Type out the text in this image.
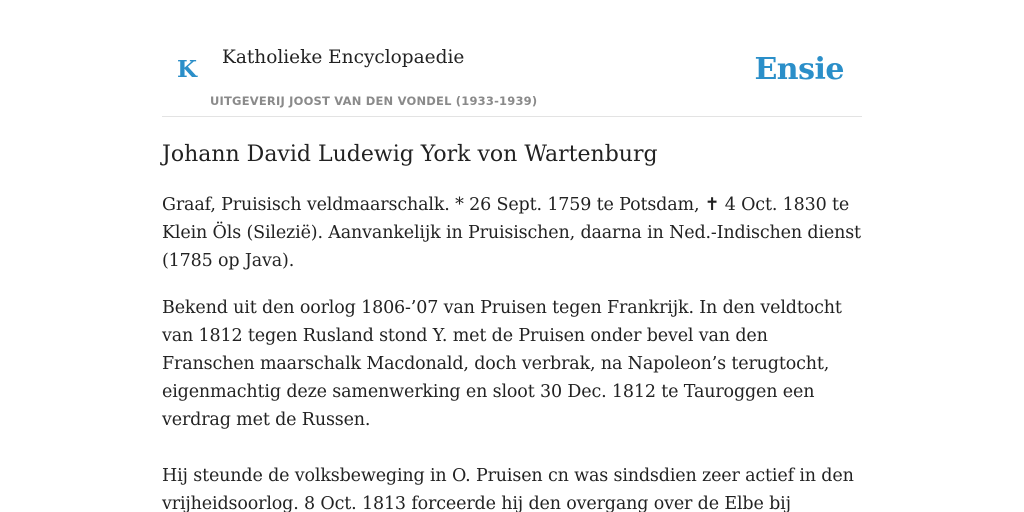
K Katholieke Encyclopaedie
UITGEVERIJ JOOST VAN DEN VONDEL (1933-1939)
Ensie
Johann David Ludewig York von Wartenburg

Graaf, Pruisisch veldmaarschalk. * 26 Sept. 1759 te Potsdam, ✝ 4 Oct. 1830 te Klein Öls (Silezië). Aanvankelijk in Pruisischen, daarna in Ned.-Indischen dienst (1785 op Java).

Bekend uit den oorlog 1806-’07 van Pruisen tegen Frankrijk. In den veldtocht van 1812 tegen Rusland stond Y. met de Pruisen onder bevel van den Franschen maarschalk Macdonald, doch verbrak, na Napoleon’s terugtocht, eigenmachtig deze samenwerking en sloot 30 Dec. 1812 te Tauroggen een verdrag met de Russen.

Hij steunde de volksbeweging in O. Pruisen cn was sindsdien zeer actief in den vrijheidsoorlog. 8 Oct. 1813 forceerde hij den overgang over de Elbe bij
